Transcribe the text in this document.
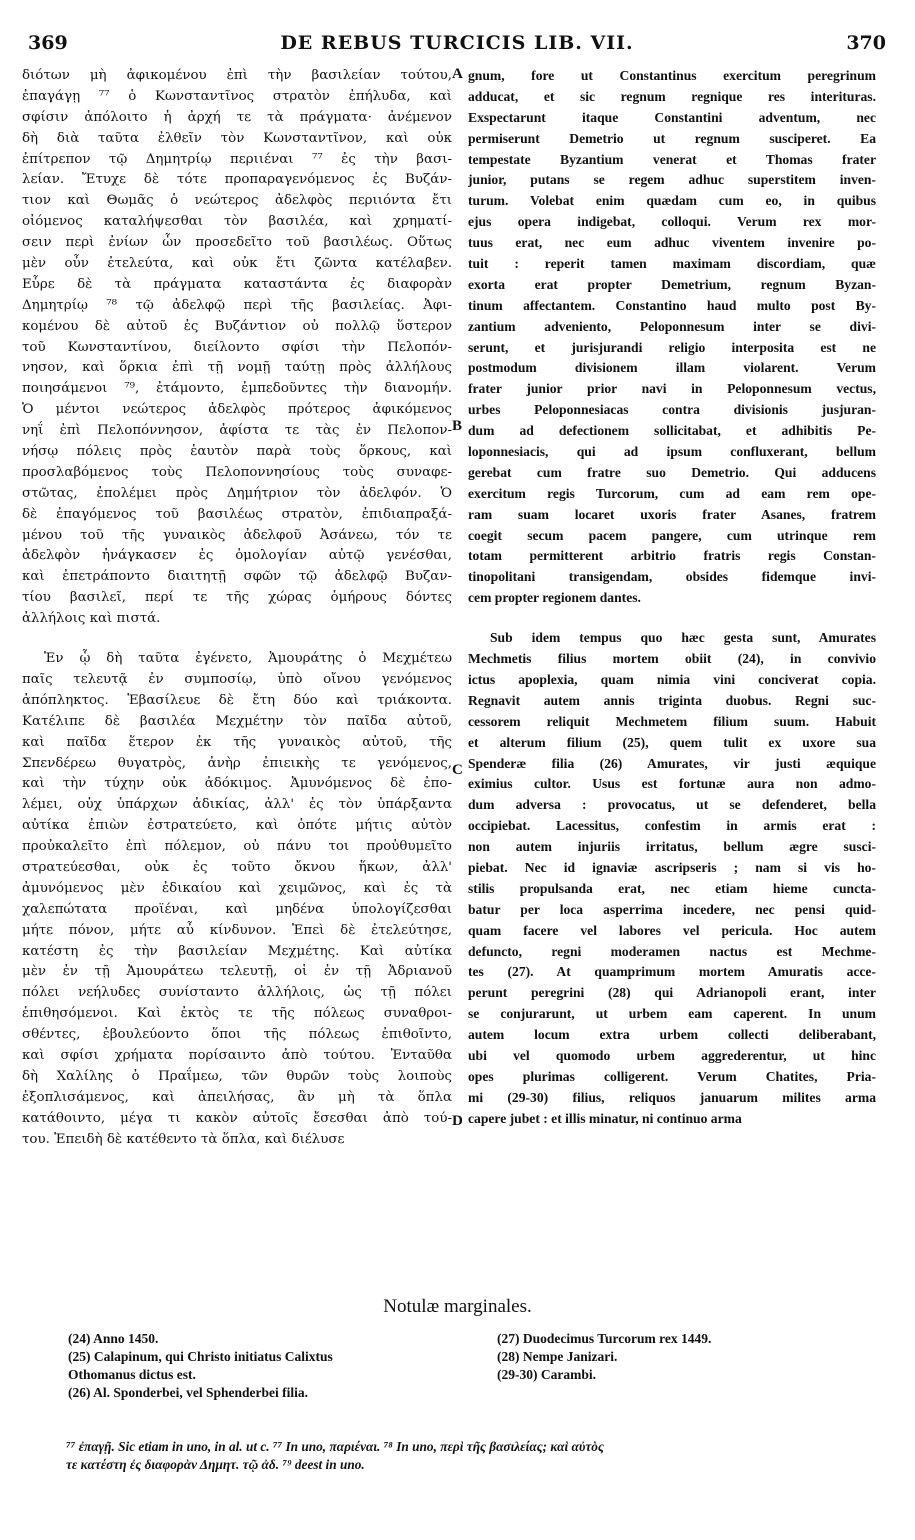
369	DE REBUS TURCICIS LIB. VII.	370
A
B
C
D
διότων μὴ ἀφικομένου ἐπὶ τὴν βασιλείαν τούτου,
ἐπαγάγῃ ⁷⁷ ὁ Κωνσταντῖνος στρατὸν ἐπήλυδα, καὶ
σφίσιν ἀπόλοιτο ἡ ἀρχή τε τὰ πράγματα· ἀνέμενον
δὴ διὰ ταῦτα ἐλθεῖν τὸν Κωνσταντῖνον, καὶ οὐκ
ἐπίτρεπον τῷ Δημητρίῳ περιιέναι ⁷⁷ ἐς τὴν βασι-
λείαν. Ἔτυχε δὲ τότε προπαραγενόμενος ἐς Βυζάν-
τιον καὶ Θωμᾶς ὁ νεώτερος ἀδελφὸς περιιόντα ἔτι
οἰόμενος καταλήψεσθαι τὸν βασιλέα, καὶ χρηματί-
σειν περὶ ἐνίων ὧν προσεδεῖτο τοῦ βασιλέως. Οὕτως
μὲν οὖν ἐτελεύτα, καὶ οὐκ ἔτι ζῶντα κατέλαβεν.
Εὗρε δὲ τὰ πράγματα καταστάντα ἐς διαφορὰν
Δημητρίῳ ⁷⁸ τῷ ἀδελφῷ περὶ τῆς βασιλείας. Ἀφι-
κομένου δὲ αὐτοῦ ἐς Βυζάντιον οὐ πολλῷ ὕστερον
τοῦ Κωνσταντίνου, διείλοντο σφίσι τὴν Πελοπόν-
νησον, καὶ ὅρκια ἐπὶ τῇ νομῇ ταύτῃ πρὸς ἀλλήλους
ποιησάμενοι ⁷⁹, ἐτάμοντο, ἐμπεδοῦντες τὴν διανομήν.
Ὁ μέντοι νεώτερος ἀδελφὸς πρότερος ἀφικόμενος
νηΐ ἐπὶ Πελοπόννησον, ἀφίστα τε τὰς ἐν Πελοπον-
νήσῳ πόλεις πρὸς ἑαυτὸν παρὰ τοὺς ὅρκους, καὶ
προσλαβόμενος τοὺς Πελοποννησίους τοὺς συναφε-
στῶτας, ἐπολέμει πρὸς Δημήτριον τὸν ἀδελφόν. Ὁ
δὲ ἐπαγόμενος τοῦ βασιλέως στρατὸν, ἐπιδιαπραξά-
μένου τοῦ τῆς γυναικὸς ἀδελφοῦ Ἀσάνεω, τόν τε
ἀδελφὸν ἠνάγκασεν ἐς ὁμολογίαν αὐτῷ γενέσθαι,
καὶ ἐπετράποντο διαιτητῇ σφῶν τῷ ἀδελφῷ Βυζαν-
τίου βασιλεῖ, περί τε τῆς χώρας ὁμήρους δόντες
ἀλλήλοις καὶ πιστά.
Ἐν ᾧ δὴ ταῦτα ἐγένετο, Ἀμουράτης ὁ Μεχμέτεω
παῖς τελευτᾷ ἐν συμποσίῳ, ὑπὸ οἴνου γενόμενος
ἀπόπληκτος. Ἐβασίλευε δὲ ἔτη δύο καὶ τριάκοντα.
Κατέλιπε δὲ βασιλέα Μεχμέτην τὸν παῖδα αὐτοῦ,
καὶ παῖδα ἕτερον ἐκ τῆς γυναικὸς αὐτοῦ, τῆς
Σπενδέρεω θυγατρὸς, ἀνὴρ ἐπιεικὴς τε γενόμενος,
καὶ τὴν τύχην οὐκ ἀδόκιμος. Ἀμυνόμενος δὲ ἐπο-
λέμει, οὐχ ὑπάρχων ἀδικίας, ἀλλ' ἐς τὸν ὑπάρξαντα
αὐτίκα ἐπιὼν ἐστρατεύετο, καὶ ὁπότε μήτις αὐτὸν
προὐκαλεῖτο ἐπὶ πόλεμον, οὐ πάνυ τοι προὐθυμεῖτο
στρατεύεσθαι, οὐκ ἐς τοῦτο ὄκνου ἥκων, ἀλλ'
ἀμυνόμενος μὲν ἐδικαίου καὶ χειμῶνος, καὶ ἐς τὰ
χαλεπώτατα προϊέναι, καὶ μηδένα ὑπολογίζεσθαι
μήτε πόνον, μήτε αὖ κίνδυνον. Ἐπεὶ δὲ ἐτελεύτησε,
κατέστη ἐς τὴν βασιλείαν Μεχμέτης. Καὶ αὐτίκα
μὲν ἐν τῇ Ἀμουράτεω τελευτῇ, οἱ ἐν τῇ Ἀδριανοῦ
πόλει νεήλυδες συνίσταντο ἀλλήλοις, ὡς τῇ πόλει
ἐπιθησόμενοι. Καὶ ἐκτὸς τε τῆς πόλεως συναθροι-
σθέντες, ἐβουλεύοντο ὅποι τῆς πόλεως ἐπιθοῖντο,
καὶ σφίσι χρήματα πορίσαιντο ἀπὸ τούτου. Ἐνταῦθα
δὴ Χαλίλης ὁ Πραΐμεω, τῶν θυρῶν τοὺς λοιποὺς
ἐξοπλισάμενος, καὶ ἀπειλήσας, ἂν μὴ τὰ ὅπλα
κατάθοιντο, μέγα τι κακὸν αὐτοῖς ἔσεσθαι ἀπὸ τού-
του. Ἐπειδὴ δὲ κατέθεντο τὰ ὅπλα, καὶ διέλυσε
gnum, fore ut Constantinus exercitum peregrinum
adducat, et sic regnum regnique res interituras.
Exspectarunt itaque Constantini adventum, nec
permiserunt Demetrio ut regnum susciperet. Ea
tempestate Byzantium venerat et Thomas frater
junior, putans se regem adhuc superstitem inven-
turum. Volebat enim quædam cum eo, in quibus
ejus opera indigebat, colloqui. Verum rex mor-
tuus erat, nec eum adhuc viventem invenire po-
tuit : reperit tamen maximam discordiam, quæ
exorta erat propter Demetrium, regnum Byzan-
tinum affectantem. Constantino haud multo post By-
zantium adveniento, Peloponnesum inter se divi-
serunt, et jurisjurandi religio interposita est ne
postmodum divisionem illam violarent. Verum
frater junior prior navi in Peloponnesum vectus,
urbes Peloponnesiacas contra divisionis jusjuran-
dum ad defectionem sollicitabat, et adhibitis Pe-
loponnesiacis, qui ad ipsum confluxerant, bellum
gerebat cum fratre suo Demetrio. Qui adducens
exercitum regis Turcorum, cum ad eam rem ope-
ram suam locaret uxoris frater Asanes, fratrem
coegit secum pacem pangere, cum utrinque rem
totam permitterent arbitrio fratris regis Constan-
tinopolitani transigendam, obsides fidemque invi-
cem propter regionem dantes.
Sub idem tempus quo hæc gesta sunt, Amurates
Mechmetis filius mortem obiit (24), in convivio
ictus apoplexia, quam nimia vini conciverat copia.
Regnavit autem annis triginta duobus. Regni suc-
cessorem reliquit Mechmetem filium suum. Habuit
et alterum filium (25), quem tulit ex uxore sua
Spenderæ filia (26) Amurates, vir justi æquique
eximius cultor. Usus est fortunæ aura non admo-
dum adversa : provocatus, ut se defenderet, bella
occipiebat. Lacessitus, confestim in armis erat :
non autem injuriis irritatus, bellum ægre susci-
piebat. Nec id ignaviæ ascripseris ; nam si vis ho-
stilis propulsanda erat, nec etiam hieme cuncta-
batur per loca asperrima incedere, nec pensi quid-
quam facere vel labores vel pericula. Hoc autem
defuncto, regni moderamen nactus est Mechme-
tes (27). At quamprimum mortem Amuratis acce-
perunt peregrini (28) qui Adrianopoli erant, inter
se conjurarunt, ut urbem eam caperent. In unum
autem locum extra urbem collecti deliberabant,
ubi vel quomodo urbem aggrederentur, ut hinc
opes plurimas colligerent. Verum Chatites, Pria-
mi (29-30) filius, reliquos januarum milites arma
capere jubet : et illis minatur, ni continuo arma
Notulæ marginales.
(24) Anno 1450.
(25) Calapinum, qui Christo initiatus Calixtus
Othomanus dictus est.
(26) Al. Sponderbei, vel Sphenderbei filia.
(27) Duodecimus Turcorum rex 1449.
(28) Nempe Janizari.
(29-30) Carambi.
⁷⁷ ἐπαγῇ. Sic etiam in uno, in al. ut c. ⁷⁷ In uno, παριέναι. ⁷⁸ In uno, περὶ τῆς βασιλείας; καὶ αὐτὸς
τε κατέστη ἐς διαφορὰν Δημητ. τῷ ἀδ. ⁷⁹ deest in uno.
